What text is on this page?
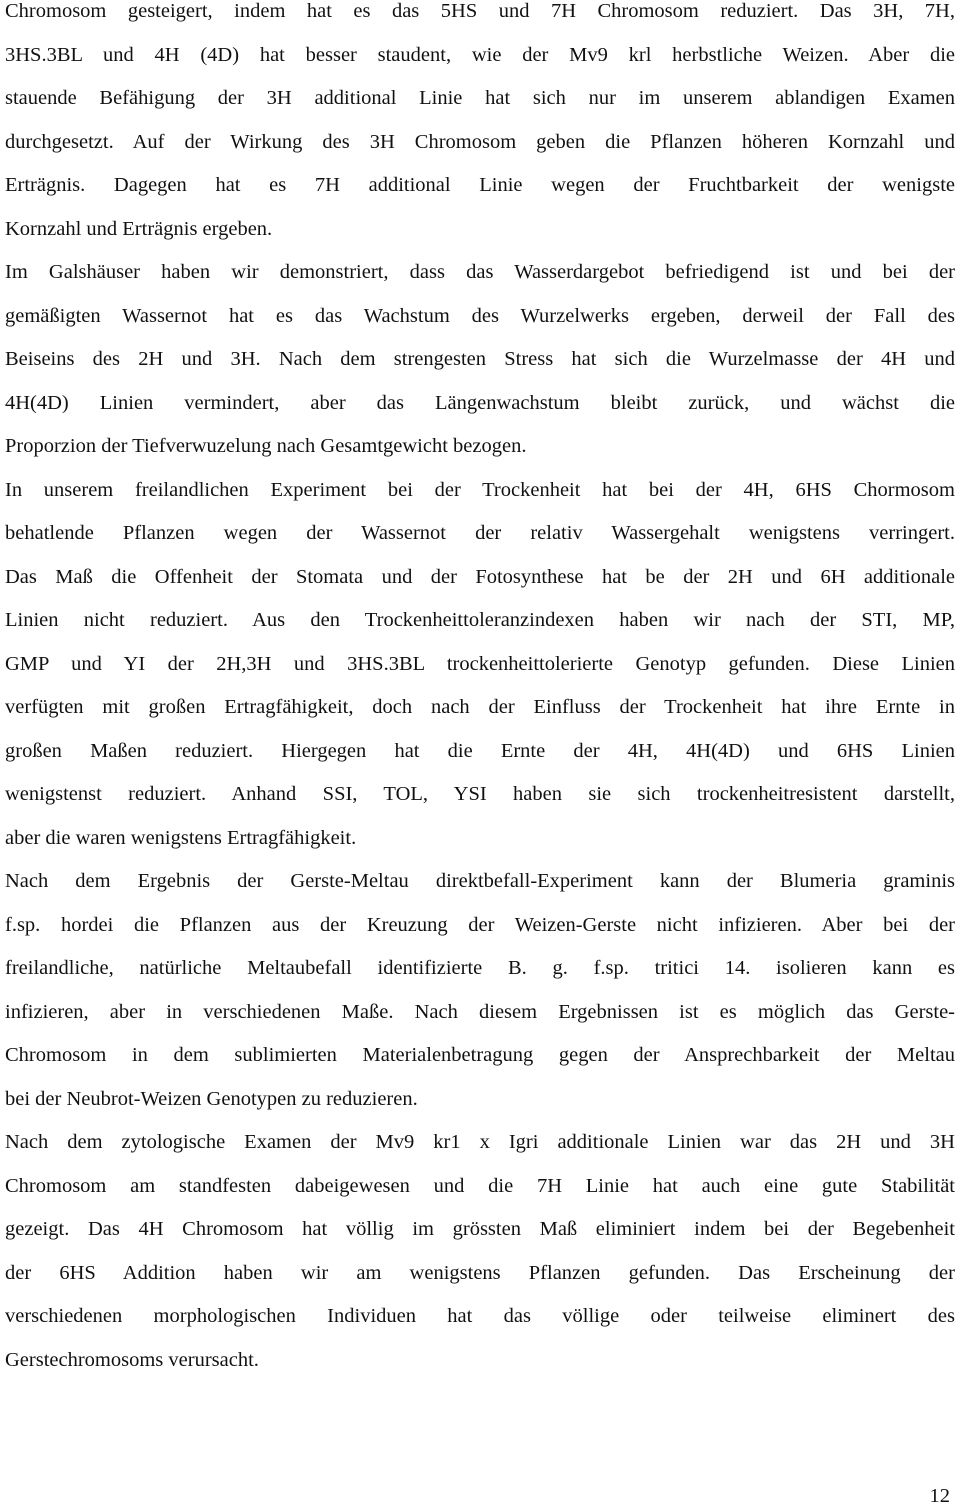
Chromosom gesteigert, indem hat es das 5HS und 7H Chromosom reduziert. Das 3H, 7H,
3HS.3BL und 4H (4D) hat besser staudent, wie der Mv9 krl herbstliche Weizen. Aber die
stauende Befähigung der 3H additional Linie hat sich nur im unserem ablandigen Examen
durchgesetzt. Auf der Wirkung des 3H Chromosom geben die Pflanzen höheren Kornzahl und
Erträgnis. Dagegen hat es 7H additional Linie wegen der Fruchtbarkeit der wenigste
Kornzahl und Erträgnis ergeben.
Im Galshäuser haben wir demonstriert, dass das Wasserdargebot befriedigend ist und bei der
gemäßigten Wassernot hat es das Wachstum des Wurzelwerks ergeben, derweil der Fall des
Beiseins des 2H und 3H. Nach dem strengesten Stress hat sich die Wurzelmasse der 4H und
4H(4D) Linien vermindert, aber das Längenwachstum bleibt zurück, und wächst die
Proporzion der Tiefverwuzelung nach Gesamtgewicht bezogen.
In unserem freilandlichen Experiment bei der Trockenheit hat bei der 4H, 6HS Chormosom
behatlende Pflanzen wegen der Wassernot der relativ Wassergehalt wenigstens verringert.
Das Maß die Offenheit der Stomata und der Fotosynthese hat be der 2H und 6H additionale
Linien nicht reduziert. Aus den Trockenheittoleranzindexen haben wir nach der STI, MP,
GMP und YI der 2H,3H und 3HS.3BL trockenheittolerierte Genotyp gefunden. Diese Linien
verfügten mit großen Ertragfähigkeit, doch nach der Einfluss der Trockenheit hat ihre Ernte in
großen Maßen reduziert. Hiergegen hat die Ernte der 4H, 4H(4D) und 6HS Linien
wenigstenst reduziert. Anhand SSI, TOL, YSI haben sie sich trockenheitresistent darstellt,
aber die waren wenigstens Ertragfähigkeit.
Nach dem Ergebnis der Gerste-Meltau direktbefall-Experiment kann der Blumeria graminis
f.sp. hordei die Pflanzen aus der Kreuzung der Weizen-Gerste nicht infizieren. Aber bei der
freilandliche, natürliche Meltaubefall identifizierte B. g. f.sp. tritici 14. isolieren kann es
infizieren, aber in verschiedenen Maße. Nach diesem Ergebnissen ist es möglich das Gerste-
Chromosom in dem sublimierten Materialenbetragung gegen der Ansprechbarkeit der Meltau
bei der Neubrot-Weizen Genotypen zu reduzieren.
Nach dem zytologische Examen der Mv9 kr1 x Igri additionale Linien war das 2H und 3H
Chromosom am standfesten dabeigewesen und die 7H Linie hat auch eine gute Stabilität
gezeigt. Das 4H Chromosom hat völlig im grössten Maß eliminiert indem bei der Begebenheit
der 6HS Addition haben wir am wenigstens Pflanzen gefunden. Das Erscheinung der
verschiedenen morphologischen Individuen hat das völlige oder teilweise eliminert des
Gerstechromosoms verursacht.
12
